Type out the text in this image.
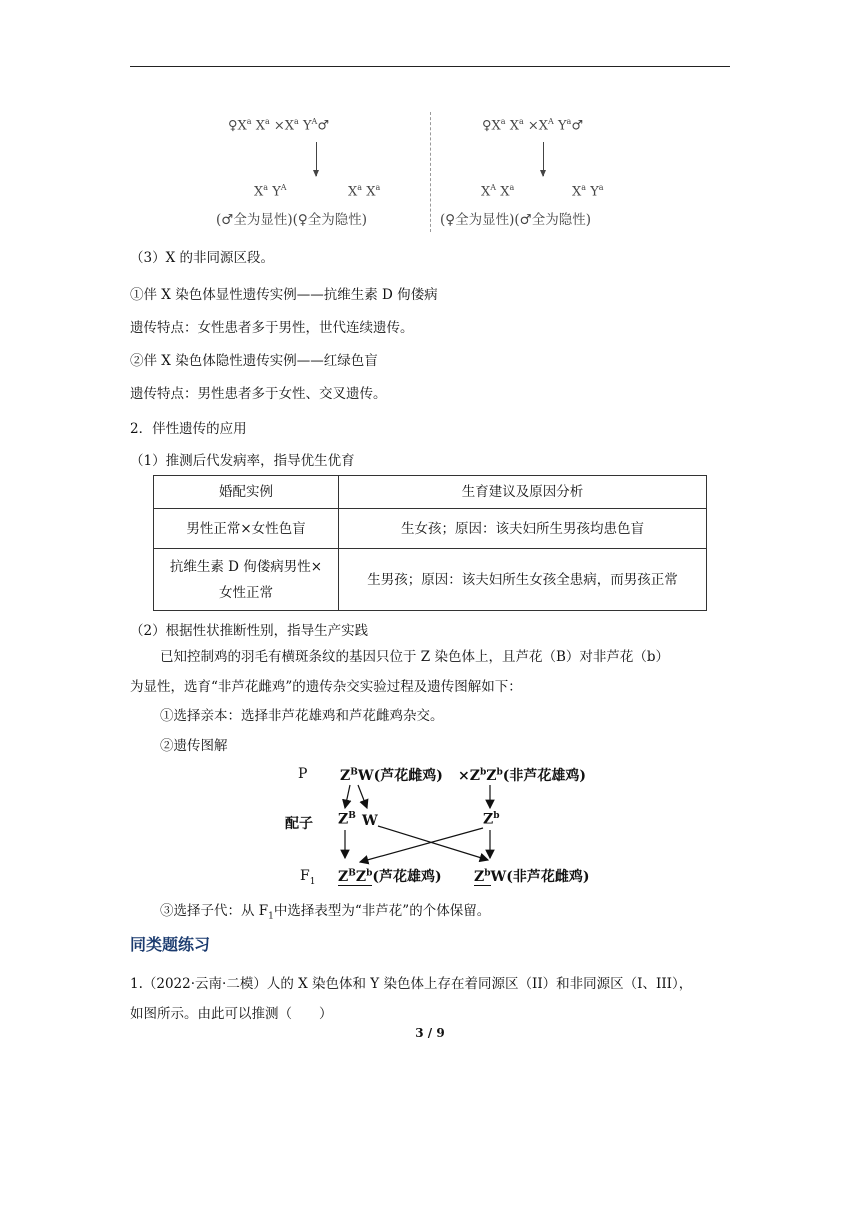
$♀X^a$ $X^a \times X^a$ $Y^A♂$
$X^a$ $Y^A$	$X^a$ $X^a$
(♂全为显性)(♀全为隐性)
$♀X^a$ $X^a \times X^A$ $Y^a♂$
$X^A$ $X^a$	$X^a$ $Y^a$
(♀全为显性)(♂全为隐性)
（3）X 的非同源区段。
①伴 X 染色体显性遗传实例——抗维生素 D 佝偻病
遗传特点：女性患者多于男性，世代连续遗传。
②伴 X 染色体隐性遗传实例——红绿色盲
遗传特点：男性患者多于女性、交叉遗传。
2．伴性遗传的应用
（1）推测后代发病率，指导优生优育
婚配实例	生育建议及原因分析
男性正常×女性色盲	生女孩；原因：该夫妇所生男孩均患色盲

抗维生素 D 佝偻病男性×
女性正常	生男孩；原因：该夫妇所生女孩全患病，而男孩正常
（2）根据性状推断性别，指导生产实践
已知控制鸡的羽毛有横斑条纹的基因只位于 Z 染色体上，且芦花（B）对非芦花（b）
为显性，选育“非芦花雌鸡”的遗传杂交实验过程及遗传图解如下：
①选择亲本：选择非芦花雄鸡和芦花雌鸡杂交。
②遗传图解
P $Z^BW$(芦花雌鸡) $\times Z^bZ^b$(非芦花雄鸡)
配子 $Z^B$ W	$Z^b$
$F_1$ $Z^BZ^b$(芦花雄鸡) $Z^bW$(非芦花雌鸡)
③选择子代：从 $F_1$中选择表型为“非芦花”的个体保留。
同类题练习
1.（2022·云南·二模）人的 X 染色体和 Y 染色体上存在着同源区（II）和非同源区（I、III），
如图所示。由此可以推测（　　）
3 / 9
